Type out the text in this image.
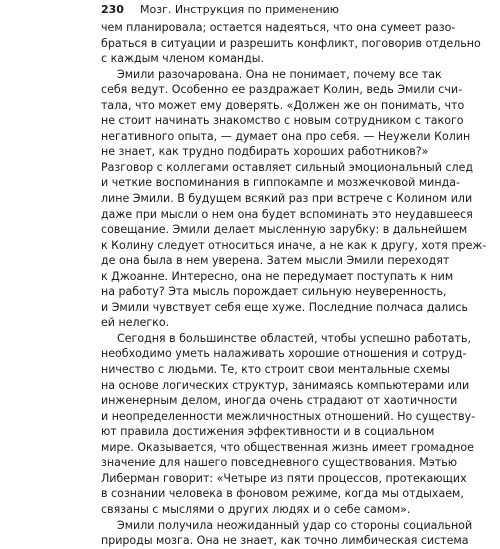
230 Мозг. Инструкция по применению
чем планировала; остается надеяться, что она сумеет разо-
браться в ситуации и разрешить конфликт, поговорив отдельно
с каждым членом команды.
Эмили разочарована. Она не понимает, почему все так
себя ведут. Особенно ее раздражает Колин, ведь Эмили счи-
тала, что может ему доверять. «Должен же он понимать, что
не стоит начинать знакомство с новым сотрудником с такого
негативного опыта, — думает она про себя. — Неужели Колин
не знает, как трудно подбирать хороших работников?»
Разговор с коллегами оставляет сильный эмоциональный след
и четкие воспоминания в гиппокампе и мозжечковой минда-
лине Эмили. В будущем всякий раз при встрече с Колином или
даже при мысли о нем она будет вспоминать это неудавшееся
совещание. Эмили делает мысленную зарубку: в дальнейшем
к Колину следует относиться иначе, а не как к другу, хотя преж-
де она была в нем уверена. Затем мысли Эмили переходят
к Джоанне. Интересно, она не передумает поступать к ним
на работу? Эта мысль порождает сильную неуверенность,
и Эмили чувствует себя еще хуже. Последние полчаса дались
ей нелегко.
Сегодня в большинстве областей, чтобы успешно работать,
необходимо уметь налаживать хорошие отношения и сотруд-
ничество с людьми. Те, кто строит свои ментальные схемы
на основе логических структур, занимаясь компьютерами или
инженерным делом, иногда очень страдают от хаотичности
и неопределенности межличностных отношений. Но существу-
ют правила достижения эффективности и в социальном
мире. Оказывается, что общественная жизнь имеет громадное
значение для нашего повседневного существования. Мэтью
Либерман говорит: «Четыре из пяти процессов, протекающих
в сознании человека в фоновом режиме, когда мы отдыхаем,
связаны с мыслями о других людях и о себе самом».
Эмили получила неожиданный удар со стороны социальной
природы мозга. Она не знает, как точно лимбическая система
